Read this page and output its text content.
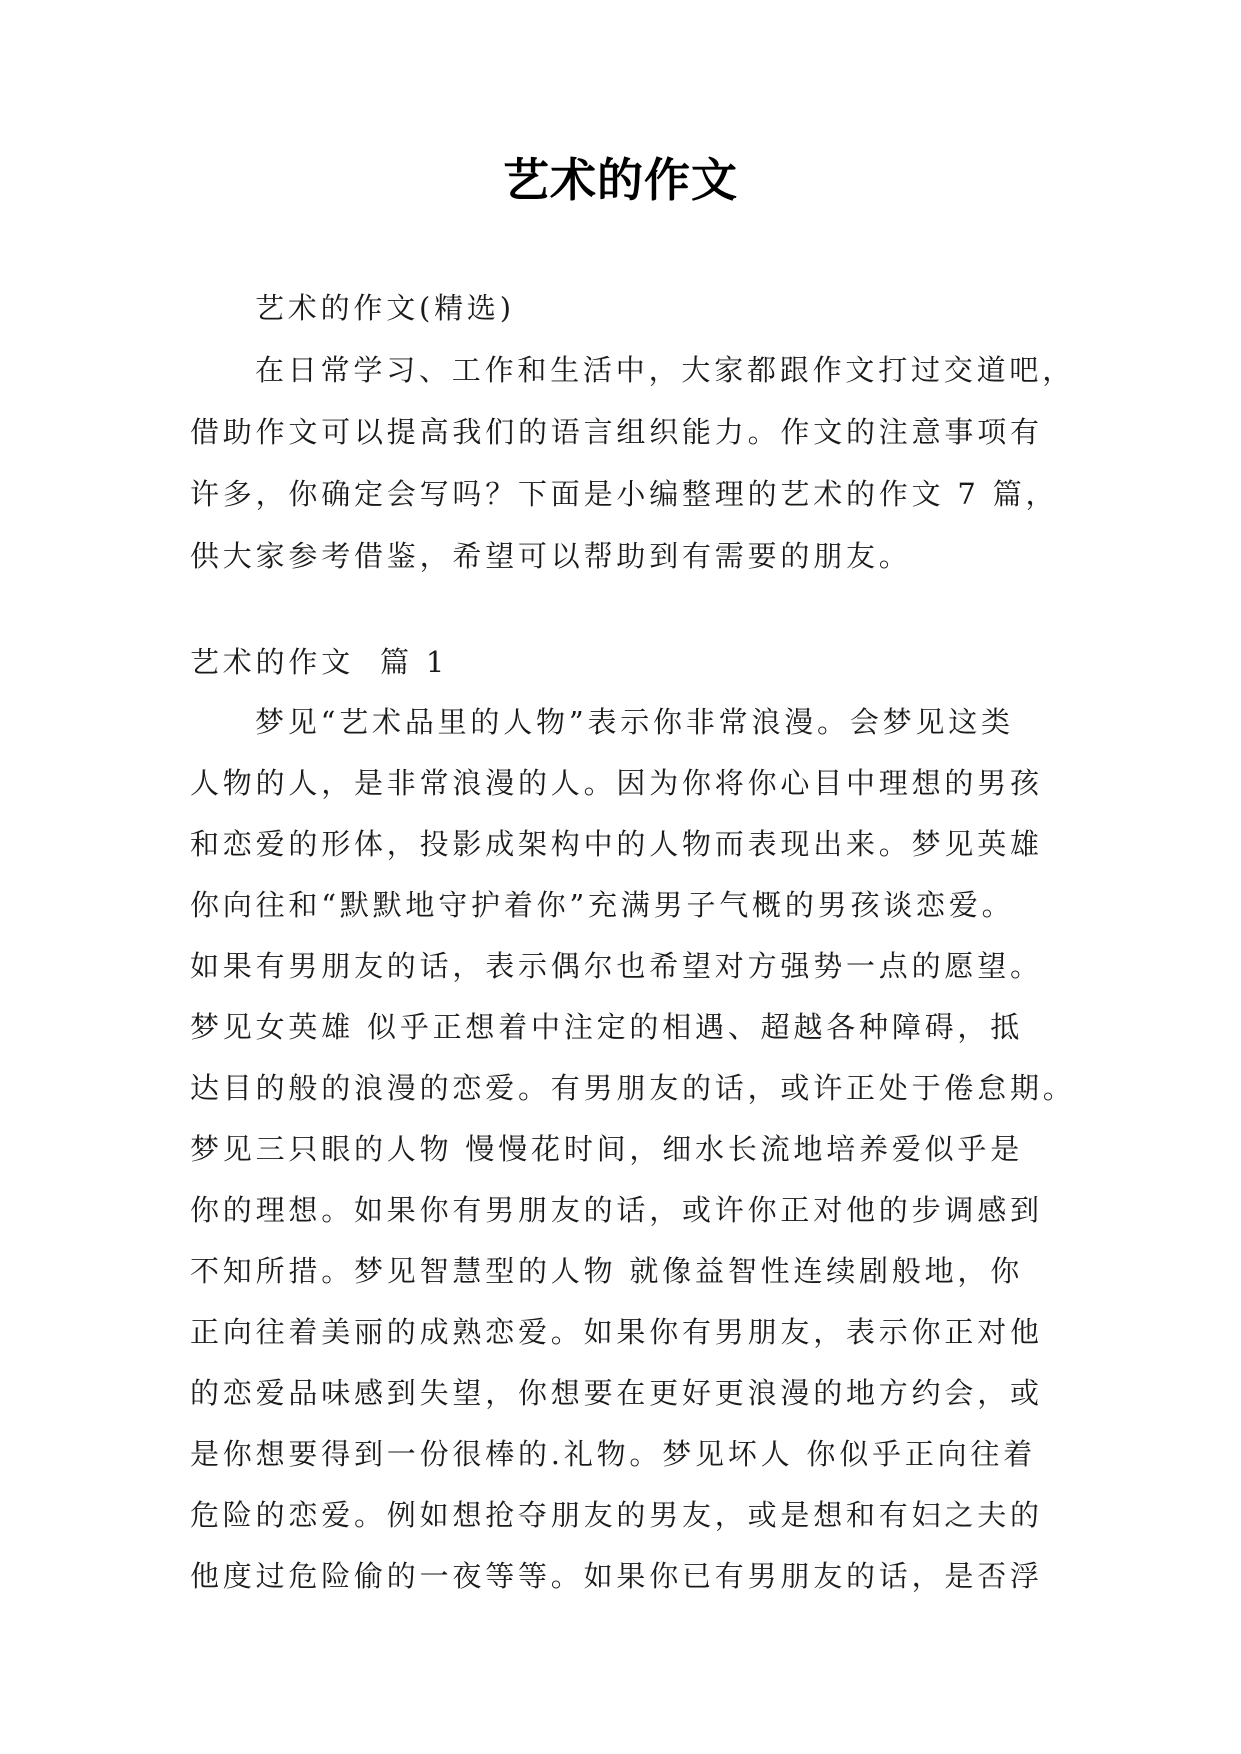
艺术的作文
艺术的作文(精选)
在日常学习、工作和生活中，大家都跟作文打过交道吧，
借助作文可以提高我们的语言组织能力。作文的注意事项有
许多，你确定会写吗？下面是小编整理的艺术的作文 7 篇，
供大家参考借鉴，希望可以帮助到有需要的朋友。
艺术的作文  篇 1
梦见“艺术品里的人物”表示你非常浪漫。会梦见这类
人物的人，是非常浪漫的人。因为你将你心目中理想的男孩
和恋爱的形体，投影成架构中的人物而表现出来。梦见英雄
你向往和“默默地守护着你”充满男子气概的男孩谈恋爱。
如果有男朋友的话，表示偶尔也希望对方强势一点的愿望。
梦见女英雄 似乎正想着中注定的相遇、超越各种障碍，抵
达目的般的浪漫的恋爱。有男朋友的话，或许正处于倦怠期。
梦见三只眼的人物 慢慢花时间，细水长流地培养爱似乎是
你的理想。如果你有男朋友的话，或许你正对他的步调感到
不知所措。梦见智慧型的人物 就像益智性连续剧般地，你
正向往着美丽的成熟恋爱。如果你有男朋友，表示你正对他
的恋爱品味感到失望，你想要在更好更浪漫的地方约会，或
是你想要得到一份很棒的.礼物。梦见坏人 你似乎正向往着
危险的恋爱。例如想抢夺朋友的男友，或是想和有妇之夫的
他度过危险偷的一夜等等。如果你已有男朋友的话，是否浮
